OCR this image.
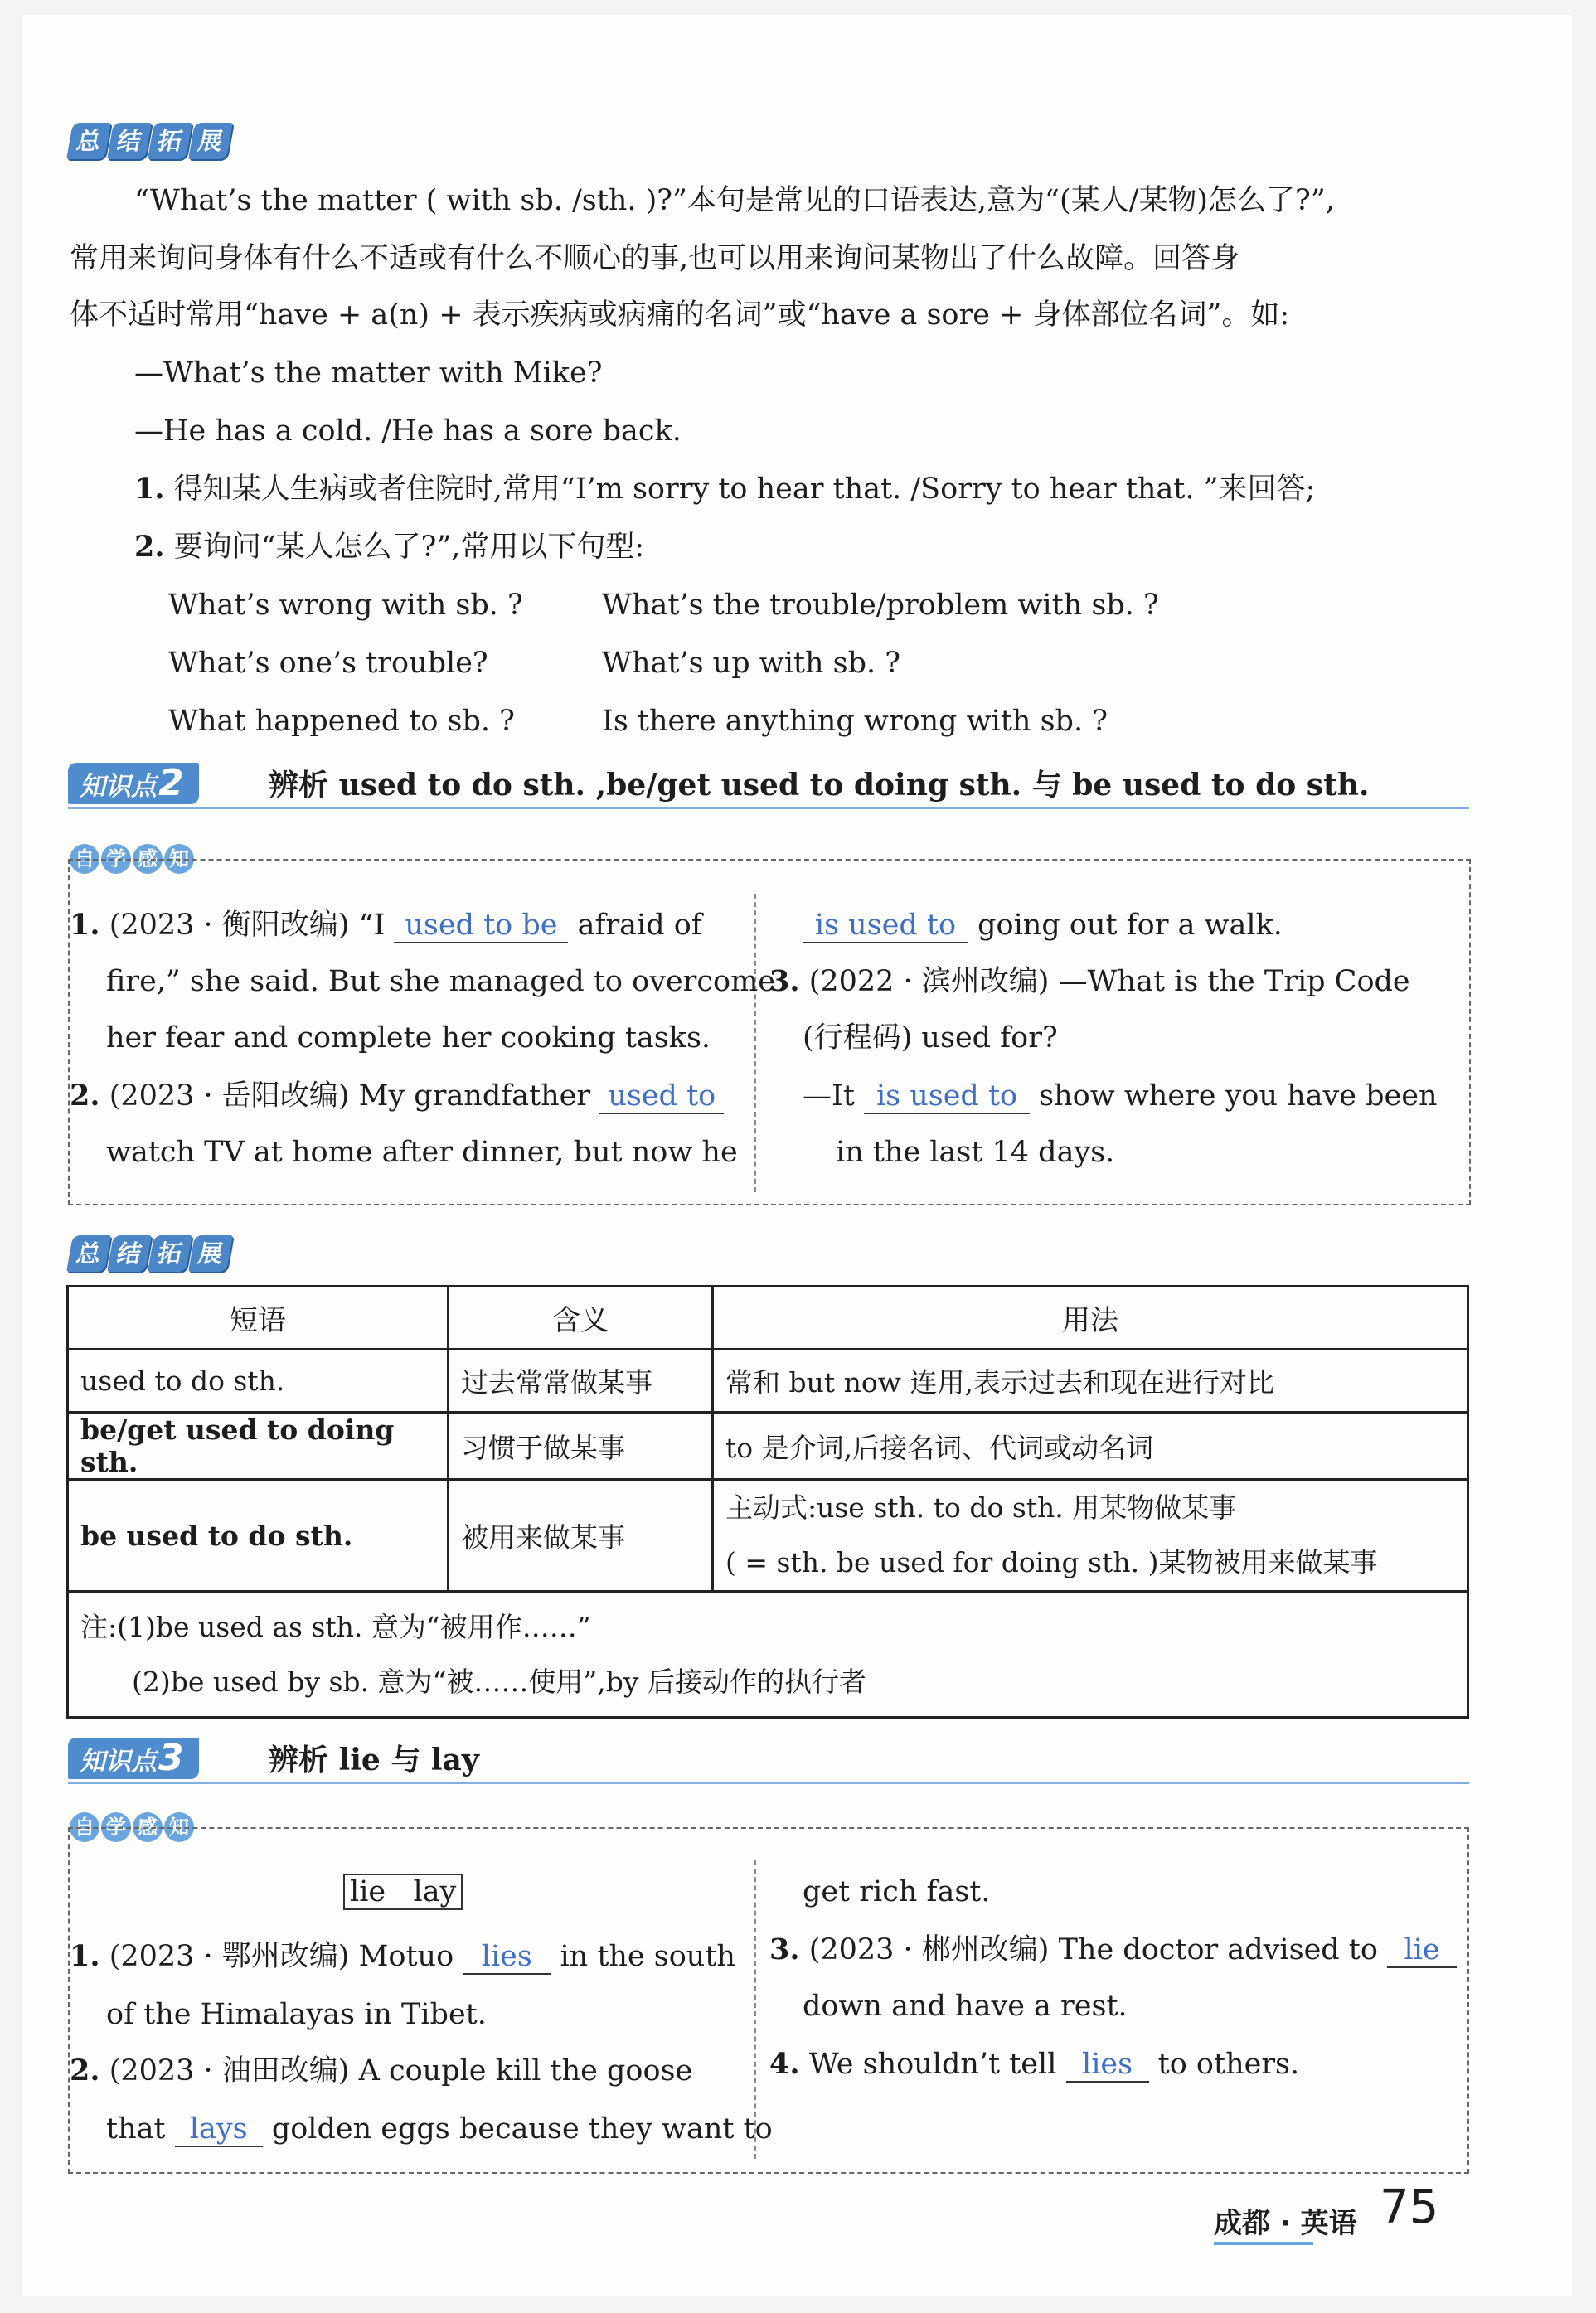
总 结 拓 展
“What’s the matter ( with sb. /sth. )?”本句是常见的口语表达,意为“(某人/某物)怎么了?”,
常用来询问身体有什么不适或有什么不顺心的事,也可以用来询问某物出了什么故障。回答身
体不适时常用“have + a(n) + 表示疾病或病痛的名词”或“have a sore + 身体部位名词”。如:
—What’s the matter with Mike?
—He has a cold. /He has a sore back.
1. 得知某人生病或者住院时,常用“I’m sorry to hear that. /Sorry to hear that. ”来回答;
2. 要询问“某人怎么了?”,常用以下句型:
What’s wrong with sb. ?	What’s the trouble/problem with sb. ?
What’s one’s trouble?	What’s up with sb. ?
What happened to sb. ?	Is there anything wrong with sb. ?
知识点2	辨析 used to do sth. ,be/get used to doing sth. 与 be used to do sth.
自 学 感 知
1. (2023 · 衡阳改编) “I used to be afraid of
fire,” she said. But she managed to overcome
her fear and complete her cooking tasks.
2. (2023 · 岳阳改编) My grandfather used to
watch TV at home after dinner, but now he
is used to going out for a walk.
3. (2022 · 滨州改编) —What is the Trip Code
(行程码) used for?
—It is used to show where you have been
in the last 14 days.
总 结 拓 展
短语	含义	用法
used to do sth.	过去常常做某事	常和 but now 连用,表示过去和现在进行对比
be/get used to doing sth.	习惯于做某事	to 是介词,后接名词、代词或动名词
be used to do sth.	被用来做某事	主动式:use sth. to do sth. 用某物做某事
( = sth. be used for doing sth. )某物被用来做某事

注:(1)be used as sth. 意为“被用作……”
(2)be used by sb. 意为“被……使用”,by 后接动作的执行者		
知识点3	辨析 lie 与 lay
自 学 感 知
lie lay
1. (2023 · 鄂州改编) Motuo lies in the south
of the Himalayas in Tibet.
2. (2023 · 油田改编) A couple kill the goose
that lays golden eggs because they want to
get rich fast.
3. (2023 · 郴州改编) The doctor advised to lie
down and have a rest.
4. We shouldn’t tell lies to others.
成都 · 英语 75
